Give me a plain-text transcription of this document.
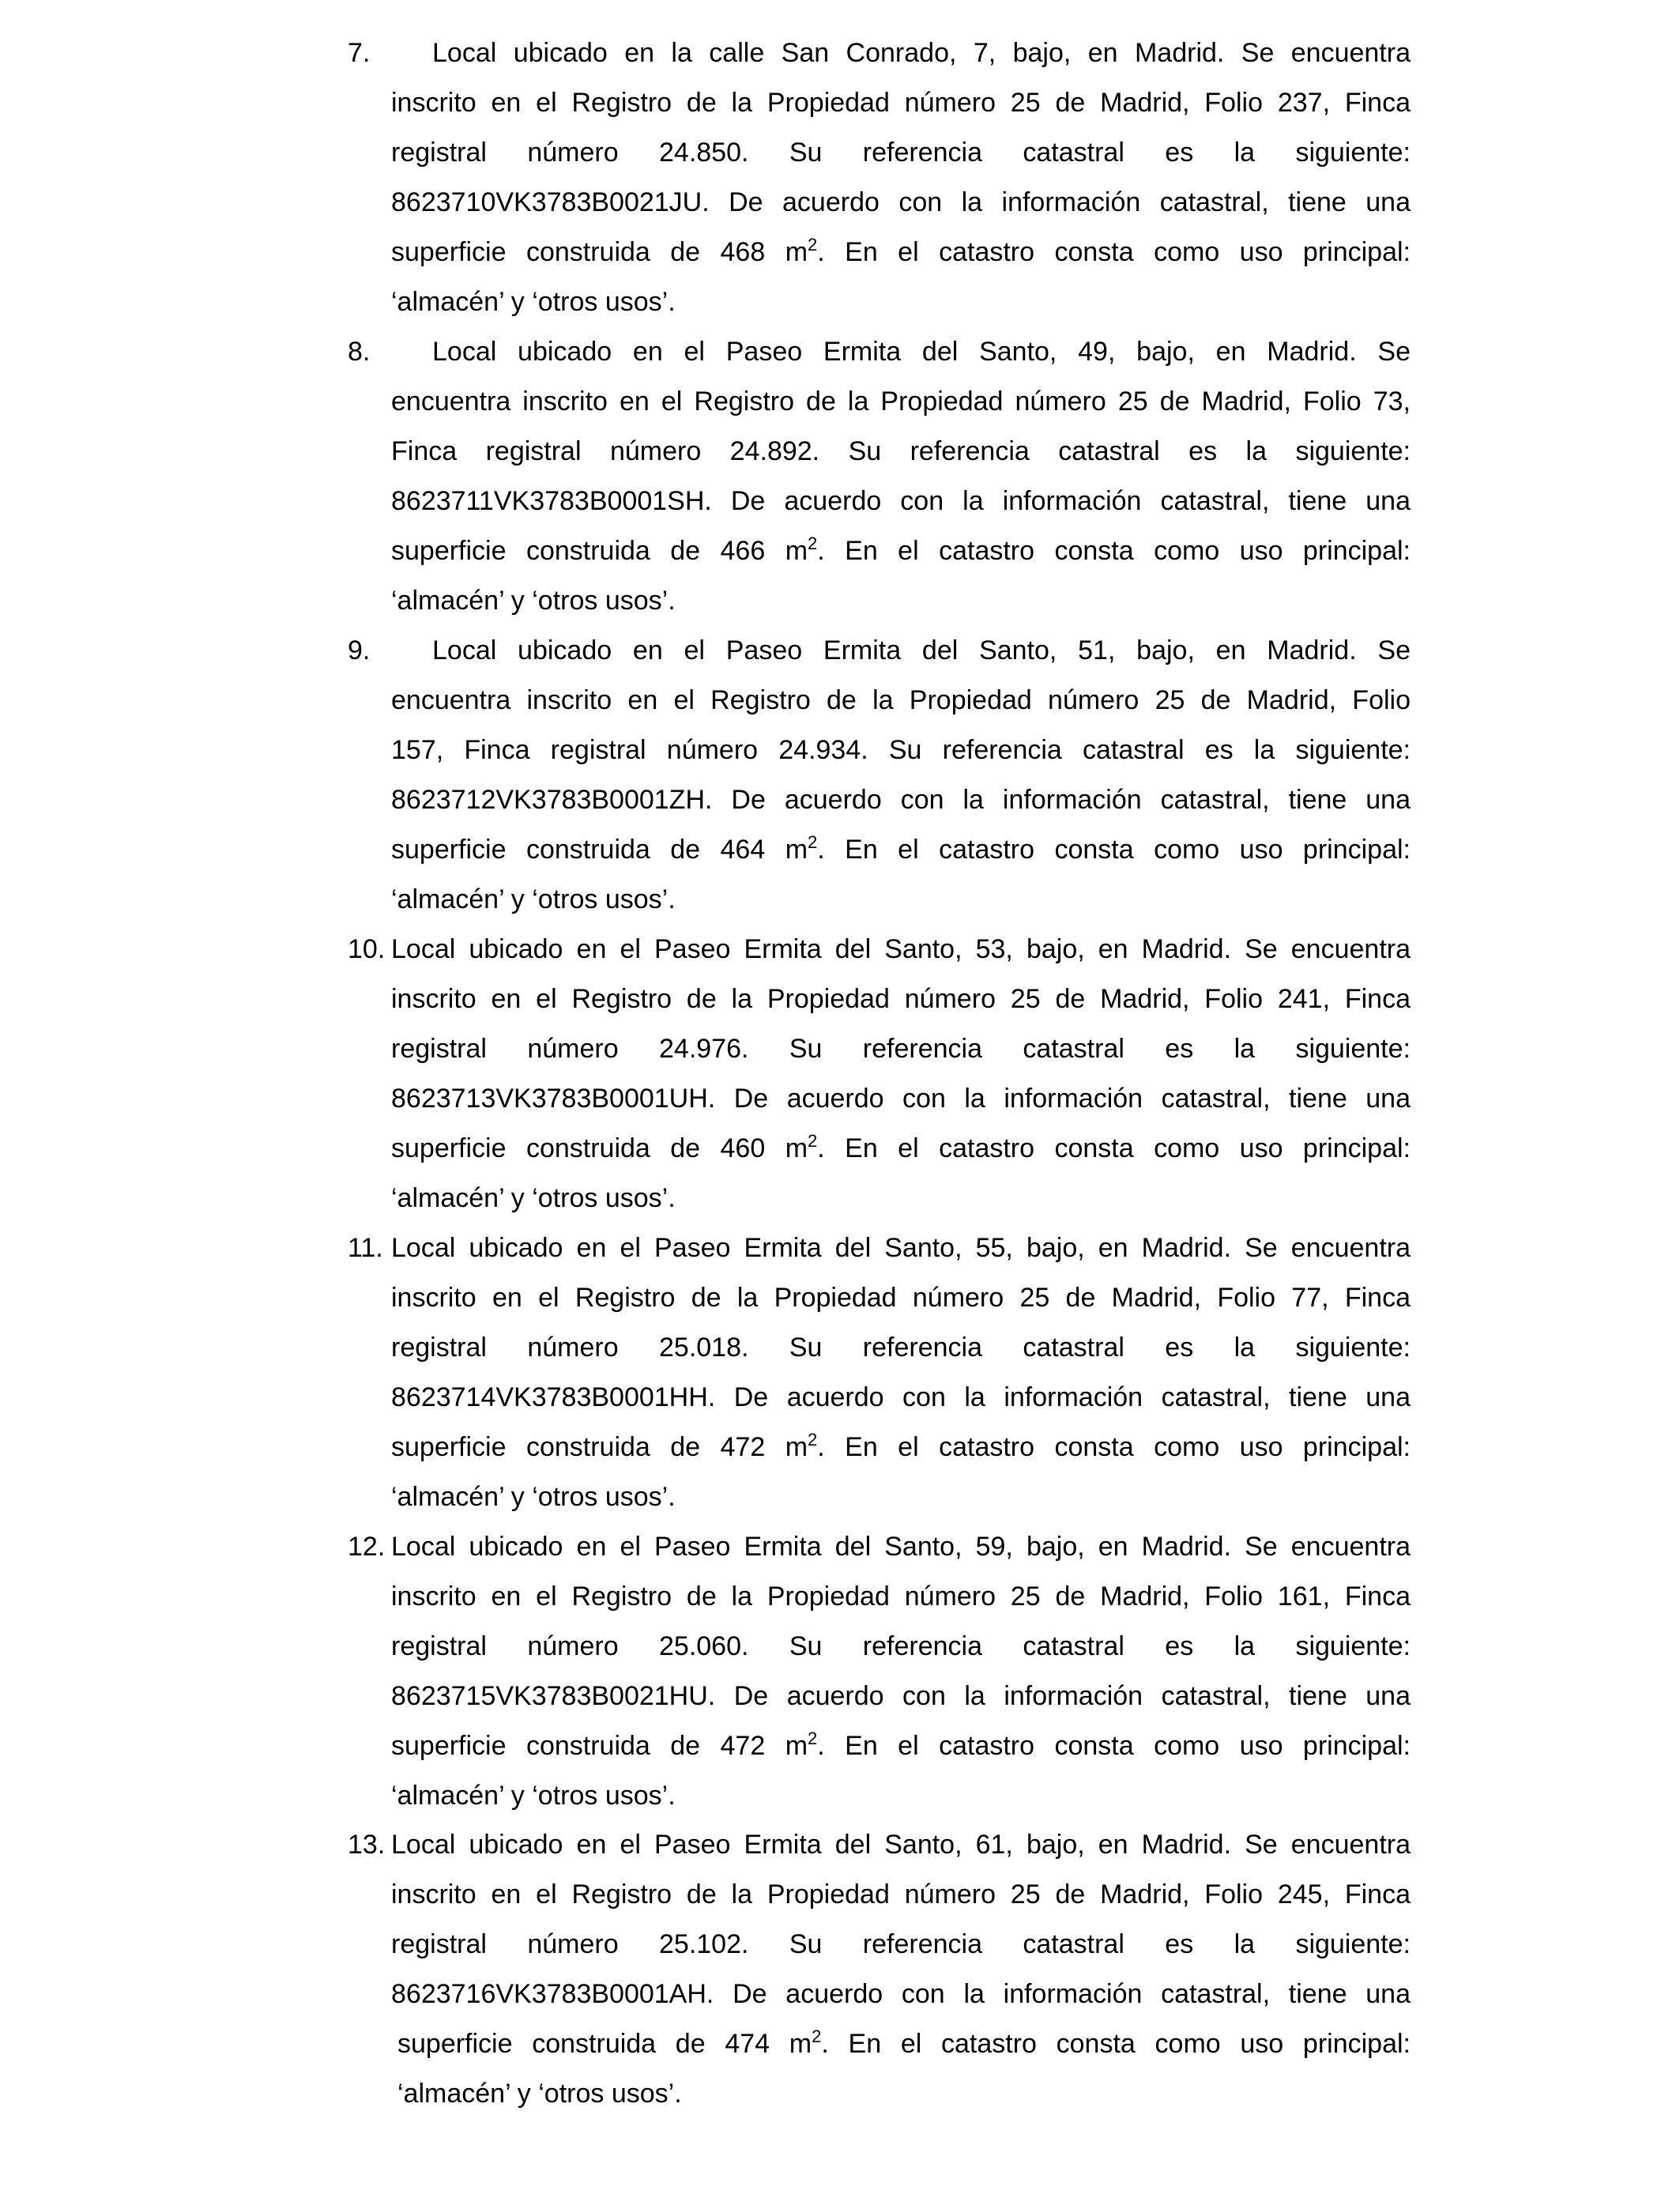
7.	Local ubicado en la calle San Conrado, 7, bajo, en Madrid. Se encuentra
inscrito en el Registro de la Propiedad número 25 de Madrid, Folio 237, Finca
registral número 24.850. Su referencia catastral es la siguiente:
8623710VK3783B0021JU. De acuerdo con la información catastral, tiene una
superficie construida de 468 $m^2$. En el catastro consta como uso principal:
‘almacén’ y ‘otros usos’.
8.	Local ubicado en el Paseo Ermita del Santo, 49, bajo, en Madrid. Se
encuentra inscrito en el Registro de la Propiedad número 25 de Madrid, Folio 73,
Finca registral número 24.892. Su referencia catastral es la siguiente:
8623711VK3783B0001SH. De acuerdo con la información catastral, tiene una
superficie construida de 466 $m^2$. En el catastro consta como uso principal:
‘almacén’ y ‘otros usos’.
9.	Local ubicado en el Paseo Ermita del Santo, 51, bajo, en Madrid. Se
encuentra inscrito en el Registro de la Propiedad número 25 de Madrid, Folio
157, Finca registral número 24.934. Su referencia catastral es la siguiente:
8623712VK3783B0001ZH. De acuerdo con la información catastral, tiene una
superficie construida de 464 $m^2$. En el catastro consta como uso principal:
‘almacén’ y ‘otros usos’.
10. Local ubicado en el Paseo Ermita del Santo, 53, bajo, en Madrid. Se encuentra
inscrito en el Registro de la Propiedad número 25 de Madrid, Folio 241, Finca
registral número 24.976. Su referencia catastral es la siguiente:
8623713VK3783B0001UH. De acuerdo con la información catastral, tiene una
superficie construida de 460 $m^2$. En el catastro consta como uso principal:
‘almacén’ y ‘otros usos’.
11. Local ubicado en el Paseo Ermita del Santo, 55, bajo, en Madrid. Se encuentra
inscrito en el Registro de la Propiedad número 25 de Madrid, Folio 77, Finca
registral número 25.018. Su referencia catastral es la siguiente:
8623714VK3783B0001HH. De acuerdo con la información catastral, tiene una
superficie construida de 472 $m^2$. En el catastro consta como uso principal:
‘almacén’ y ‘otros usos’.
12. Local ubicado en el Paseo Ermita del Santo, 59, bajo, en Madrid. Se encuentra
inscrito en el Registro de la Propiedad número 25 de Madrid, Folio 161, Finca
registral número 25.060. Su referencia catastral es la siguiente:
8623715VK3783B0021HU. De acuerdo con la información catastral, tiene una
superficie construida de 472 $m^2$. En el catastro consta como uso principal:
‘almacén’ y ‘otros usos’.
13. Local ubicado en el Paseo Ermita del Santo, 61, bajo, en Madrid. Se encuentra
inscrito en el Registro de la Propiedad número 25 de Madrid, Folio 245, Finca
registral número 25.102. Su referencia catastral es la siguiente:
8623716VK3783B0001AH. De acuerdo con la información catastral, tiene una
superficie construida de 474 $m^2$. En el catastro consta como uso principal:
‘almacén’ y ‘otros usos’.
